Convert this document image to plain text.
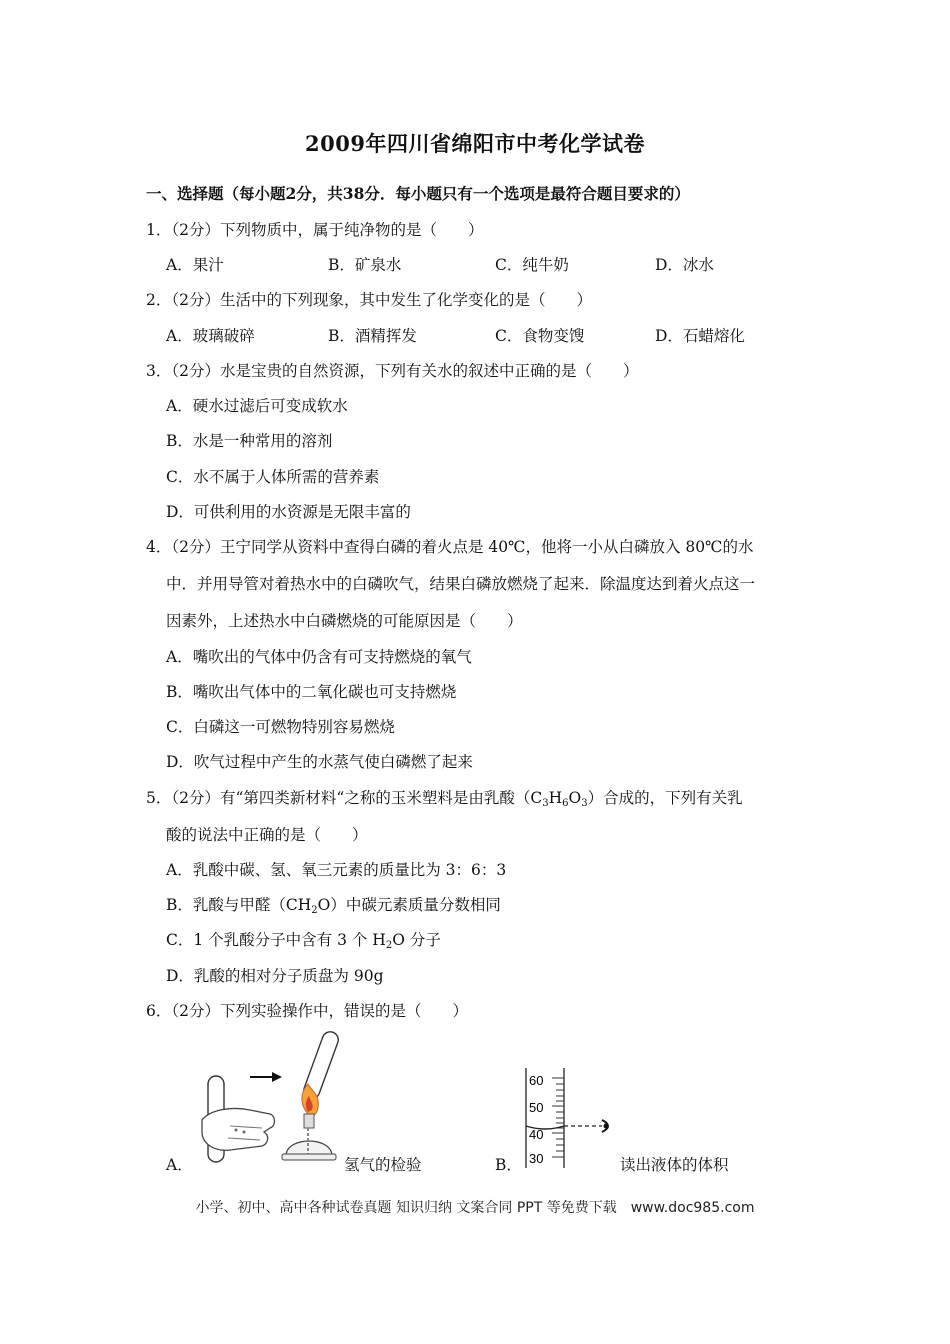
2009年四川省绵阳市中考化学试卷
一、选择题（每小题2分，共38分．每小题只有一个选项是最符合题目要求的）
1．（2分）下列物质中，属于纯净物的是（　　）
A．果汁	B．矿泉水	C．纯牛奶	D．冰水
2．（2分）生活中的下列现象，其中发生了化学变化的是（　　）
A．玻璃破碎	B．酒精挥发	C．食物变馊	D．石蜡熔化
3．（2分）水是宝贵的自然资源，下列有关水的叙述中正确的是（　　）
A．硬水过滤后可变成软水
B．水是一种常用的溶剂
C．水不属于人体所需的营养素
D．可供利用的水资源是无限丰富的
4．（2分）王宁同学从资料中查得白磷的着火点是 40℃，他将一小从白磷放入 80℃的水
中．并用导管对着热水中的白磷吹气，结果白磷放燃烧了起来．除温度达到着火点这一
因素外，上述热水中白磷燃烧的可能原因是（　　）
A．嘴吹出的气体中仍含有可支持燃烧的氧气
B．嘴吹出气体中的二氧化碳也可支持燃烧
C．白磷这一可燃物特别容易燃烧
D．吹气过程中产生的水蒸气使白磷燃了起来
5．（2分）有“第四类新材料“之称的玉米塑料是由乳酸$(C_3H_6O_3)$合成的，下列有关乳
酸的说法中正确的是（　　）
A．乳酸中碳、氢、氧三元素的质量比为 3：6：3
B．乳酸与甲醛$(CH_2O)$中碳元素质量分数相同
C．1 个乳酸分子中含有 3 个 $H_2O$ 分子
D．乳酸的相对分子质盘为 90g
6．（2分）下列实验操作中，错误的是（　　）
A．	氢气的检验
60
50
40
30
B．	读出液体的体积
小学、初中、高中各种试卷真题 知识归纳 文案合同 PPT 等免费下载　www.doc985.com
